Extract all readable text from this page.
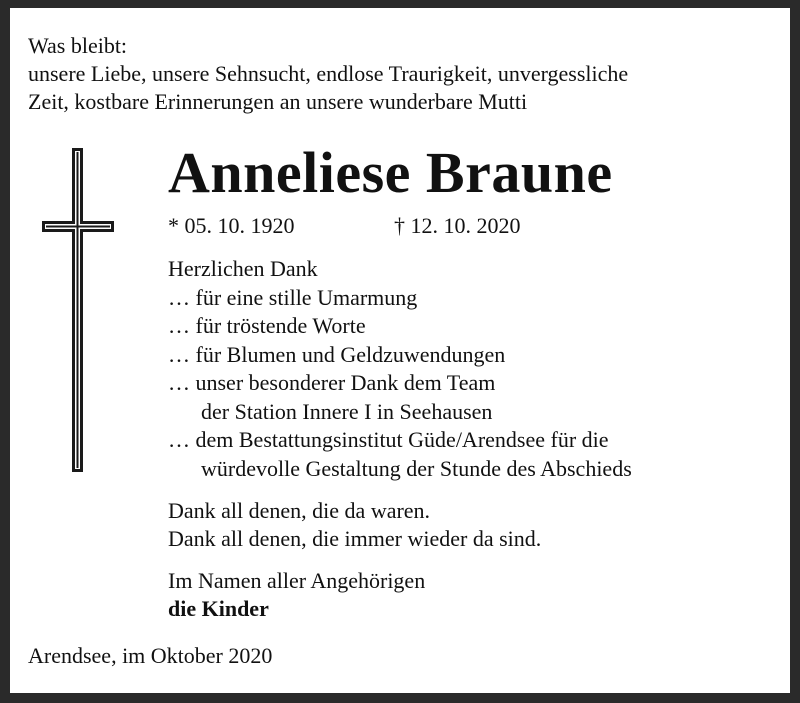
Was bleibt:
unsere Liebe, unsere Sehnsucht, endlose Traurigkeit, unvergessliche
Zeit, kostbare Erinnerungen an unsere wunderbare Mutti
Anneliese Braune
* 05. 10. 1920	† 12. 10. 2020
Herzlichen Dank
… für eine stille Umarmung
… für tröstende Worte
… für Blumen und Geldzuwendungen
… unser besonderer Dank dem Team
der Station Innere I in Seehausen
… dem Bestattungsinstitut Güde/Arendsee für die
würdevolle Gestaltung der Stunde des Abschieds
Dank all denen, die da waren.
Dank all denen, die immer wieder da sind.
Im Namen aller Angehörigen
die Kinder
Arendsee, im Oktober 2020
